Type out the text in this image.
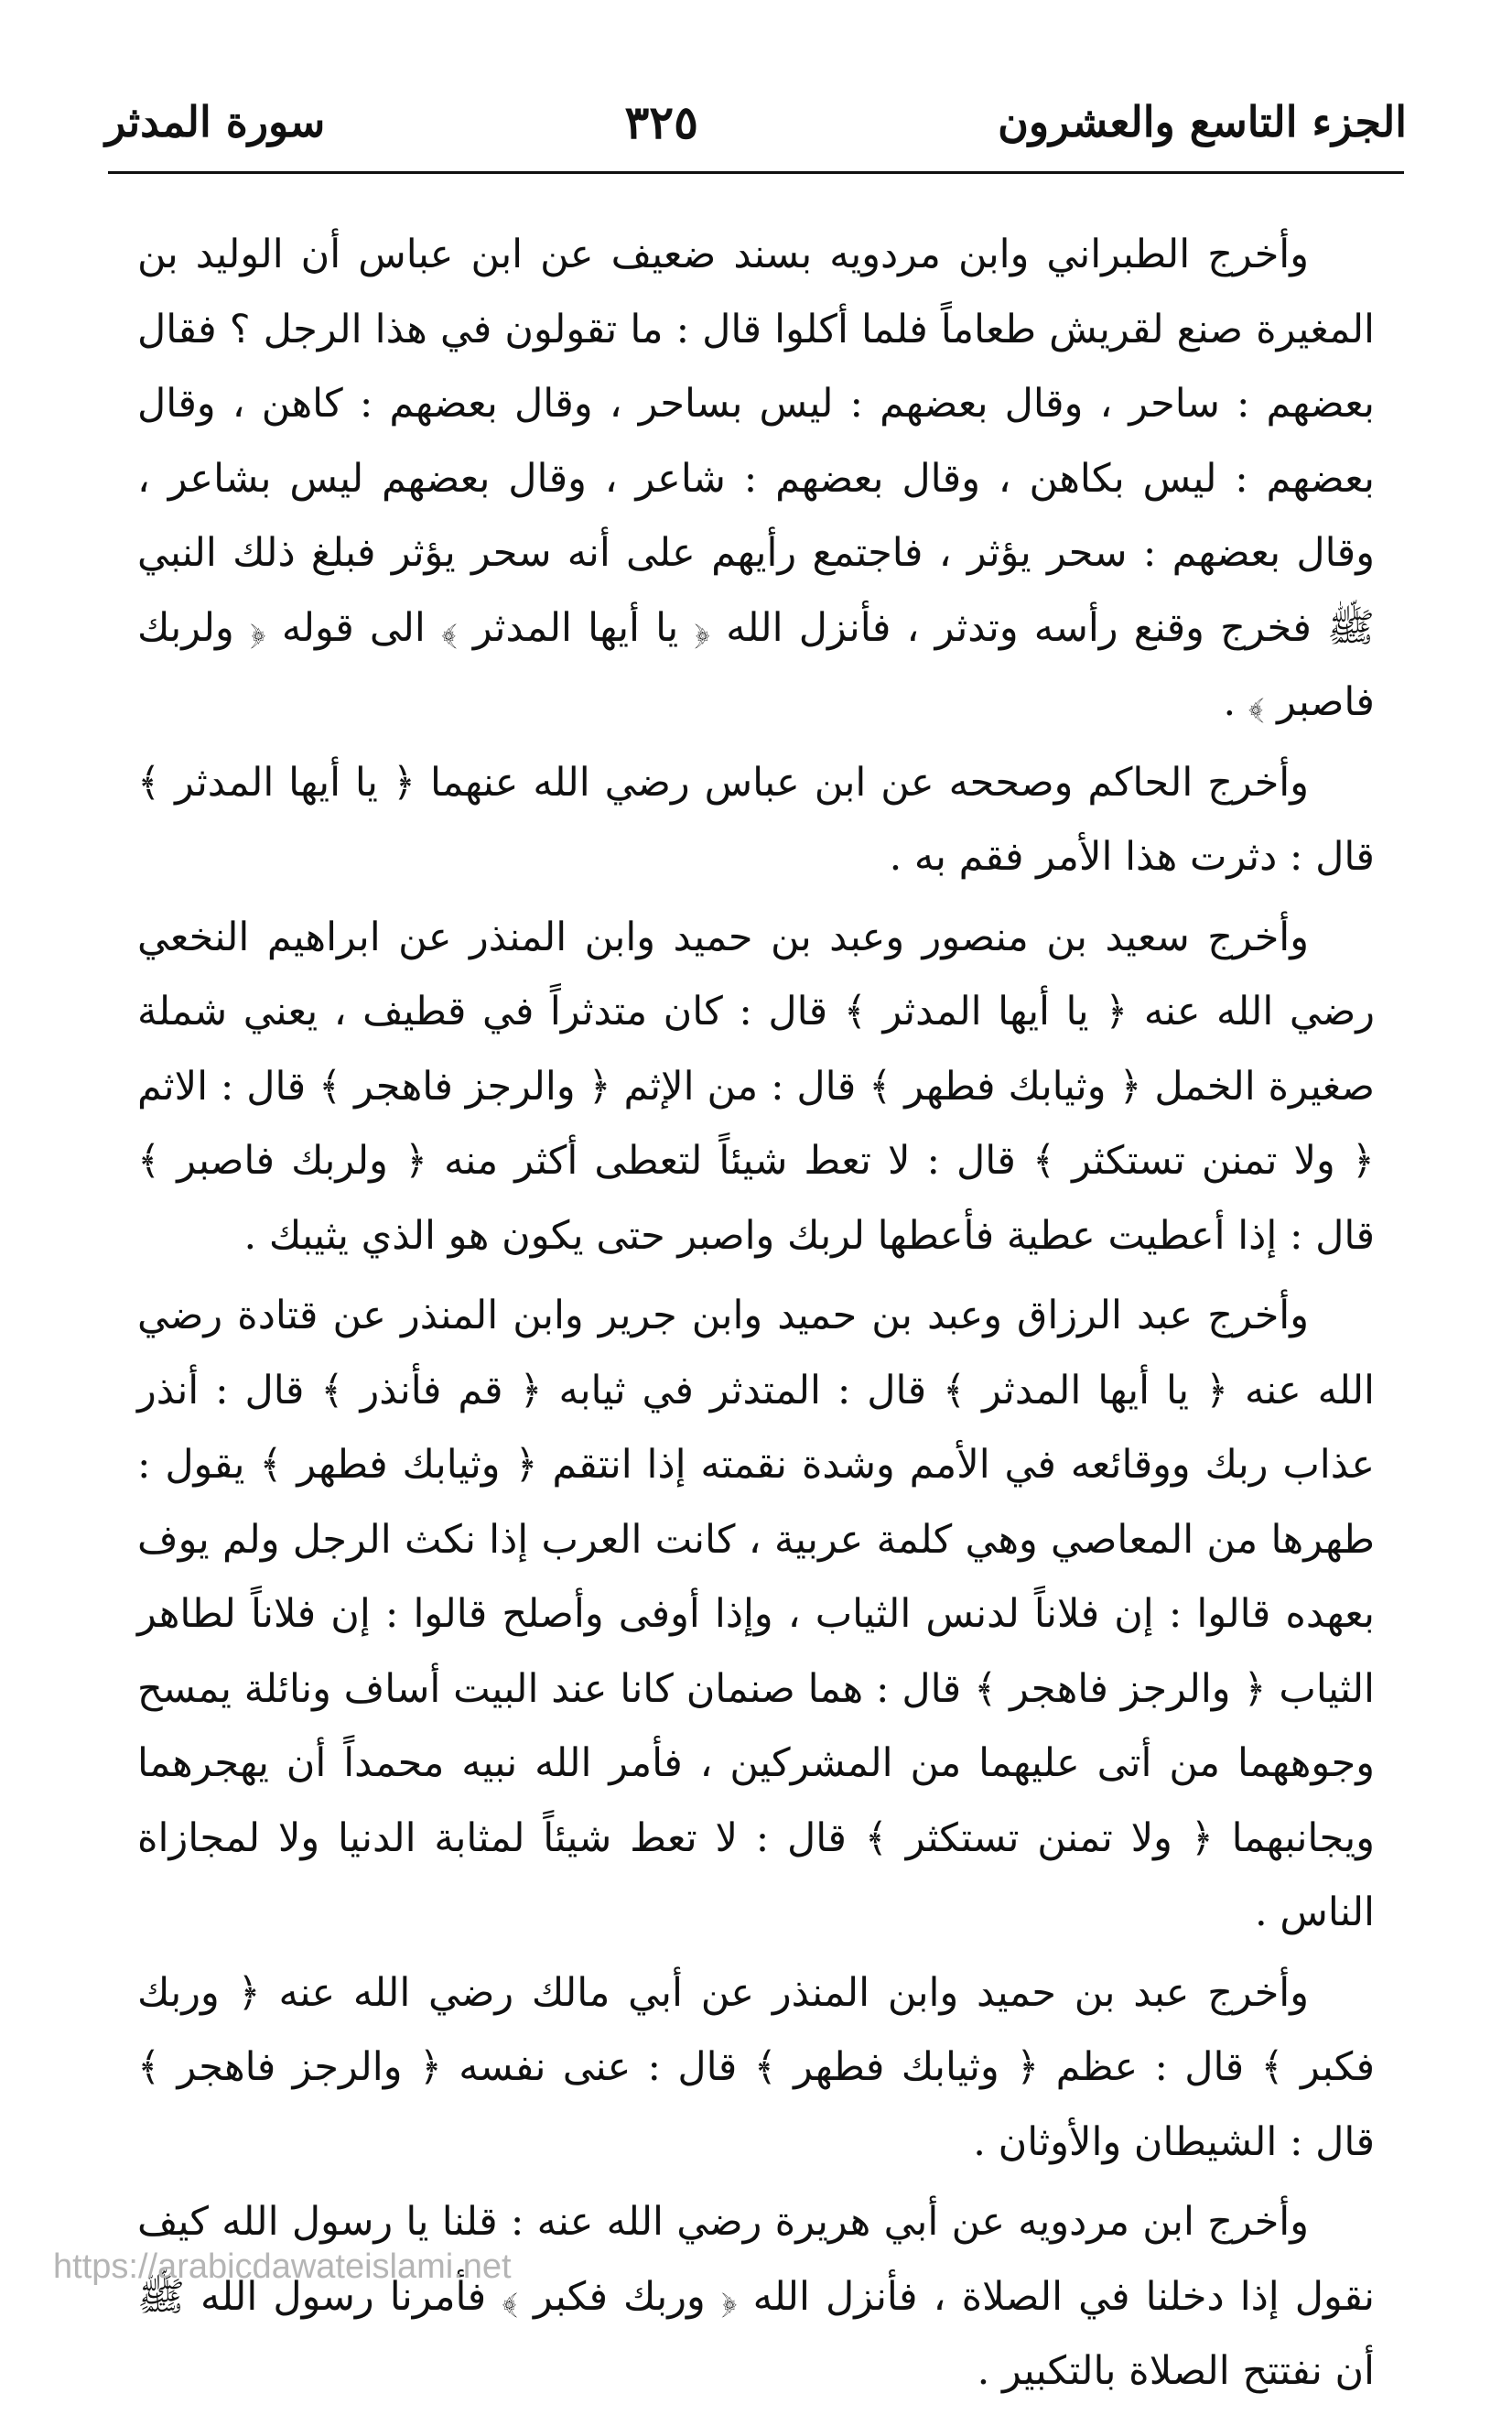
الجزء التاسع والعشرون
٣٢٥
سورة المدثر

وأخرج الطبراني وابن مردويه بسند ضعيف عن ابن عباس أن الوليد بن المغيرة صنع لقريش طعاماً فلما أكلوا قال : ما تقولون في هذا الرجل ؟ فقال بعضهم : ساحر ، وقال بعضهم : ليس بساحر ، وقال بعضهم : كاهن ، وقال بعضهم : ليس بكاهن ، وقال بعضهم : شاعر ، وقال بعضهم ليس بشاعر ، وقال بعضهم : سحر يؤثر ، فاجتمع رأيهم على أنه سحر يؤثر فبلغ ذلك النبي ﷺ فخرج وقنع رأسه وتدثر ، فأنزل الله ﴿ يا أيها المدثر ﴾ الى قوله ﴿ ولربك فاصبر ﴾ .

وأخرج الحاكم وصححه عن ابن عباس رضي الله عنهما ﴿ يا أيها المدثر ﴾ قال : دثرت هذا الأمر فقم به .

وأخرج سعيد بن منصور وعبد بن حميد وابن المنذر عن ابراهيم النخعي رضي الله عنه ﴿ يا أيها المدثر ﴾ قال : كان متدثراً في قطيف ، يعني شملة صغيرة الخمل ﴿ وثيابك فطهر ﴾ قال : من الإثم ﴿ والرجز فاهجر ﴾ قال : الاثم ﴿ ولا تمنن تستكثر ﴾ قال : لا تعط شيئاً لتعطى أكثر منه ﴿ ولربك فاصبر ﴾ قال : إذا أعطيت عطية فأعطها لربك واصبر حتى يكون هو الذي يثيبك .

وأخرج عبد الرزاق وعبد بن حميد وابن جرير وابن المنذر عن قتادة رضي الله عنه ﴿ يا أيها المدثر ﴾ قال : المتدثر في ثيابه ﴿ قم فأنذر ﴾ قال : أنذر عذاب ربك ووقائعه في الأمم وشدة نقمته إذا انتقم ﴿ وثيابك فطهر ﴾ يقول : طهرها من المعاصي وهي كلمة عربية ، كانت العرب إذا نكث الرجل ولم يوف بعهده قالوا : إن فلاناً لدنس الثياب ، وإذا أوفى وأصلح قالوا : إن فلاناً لطاهر الثياب ﴿ والرجز فاهجر ﴾ قال : هما صنمان كانا عند البيت أساف ونائلة يمسح وجوههما من أتى عليهما من المشركين ، فأمر الله نبيه محمداً أن يهجرهما ويجانبهما ﴿ ولا تمنن تستكثر ﴾ قال : لا تعط شيئاً لمثابة الدنيا ولا لمجازاة الناس .

وأخرج عبد بن حميد وابن المنذر عن أبي مالك رضي الله عنه ﴿ وربك فكبر ﴾ قال : عظم ﴿ وثيابك فطهر ﴾ قال : عنى نفسه ﴿ والرجز فاهجر ﴾ قال : الشيطان والأوثان .

وأخرج ابن مردويه عن أبي هريرة رضي الله عنه : قلنا يا رسول الله كيف نقول إذا دخلنا في الصلاة ، فأنزل الله ﴿ وربك فكبر ﴾ فأمرنا رسول الله ﷺ أن نفتتح الصلاة بالتكبير .

https://arabicdawateislami.net
